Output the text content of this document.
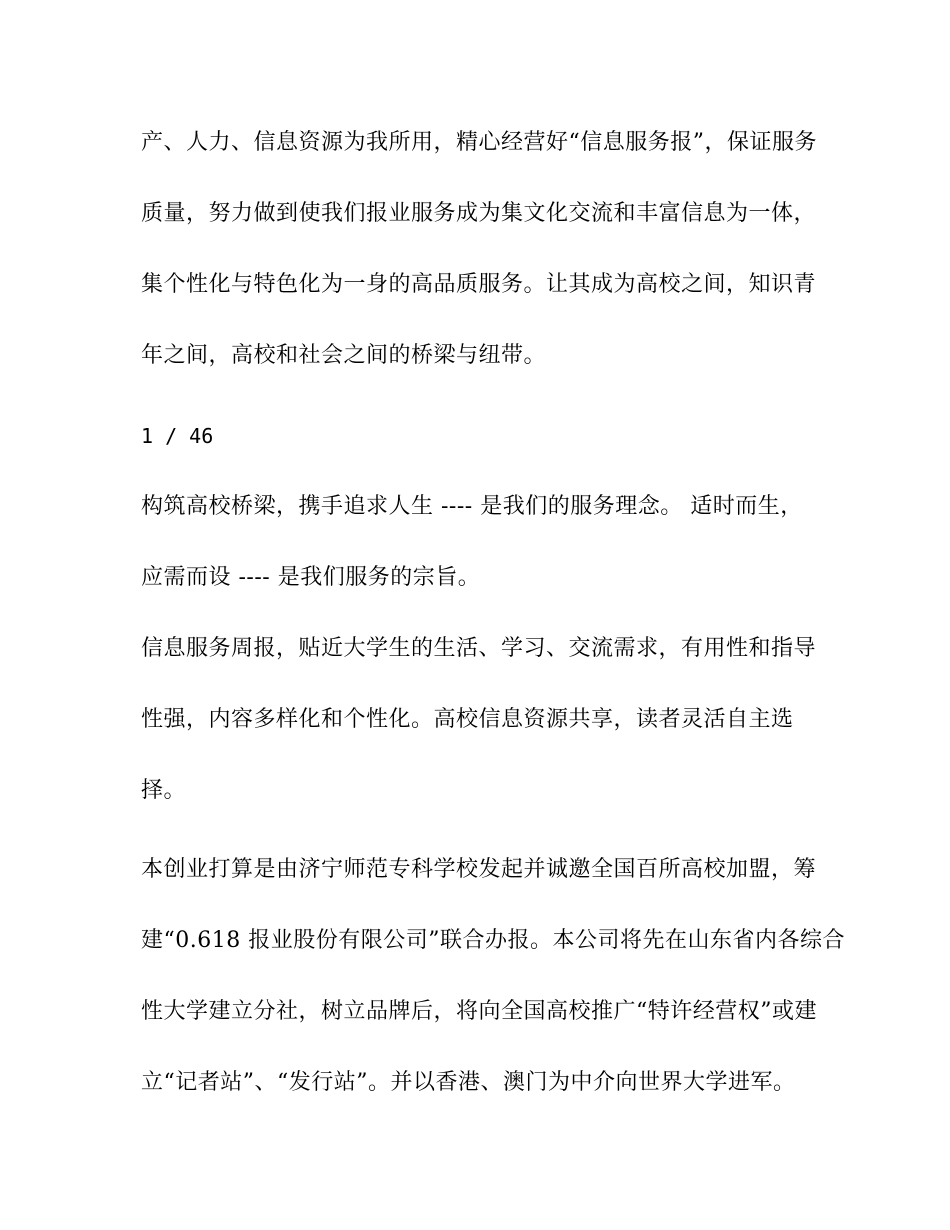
产、人力、信息资源为我所用，精心经营好“信息服务报”，保证服务
质量，努力做到使我们报业服务成为集文化交流和丰富信息为一体，
集个性化与特色化为一身的高品质服务。让其成为高校之间，知识青
年之间，高校和社会之间的桥梁与纽带。
1 / 46
构筑高校桥梁，携手追求人生 ---- 是我们的服务理念。 适时而生，
应需而设 ---- 是我们服务的宗旨。
信息服务周报，贴近大学生的生活、学习、交流需求，有用性和指导
性强，内容多样化和个性化。高校信息资源共享，读者灵活自主选
择。
本创业打算是由济宁师范专科学校发起并诚邀全国百所高校加盟，筹
建“0.618 报业股份有限公司”联合办报。本公司将先在山东省内各综合
性大学建立分社，树立品牌后，将向全国高校推广“特许经营权”或建
立“记者站”、“发行站”。并以香港、澳门为中介向世界大学进军。
